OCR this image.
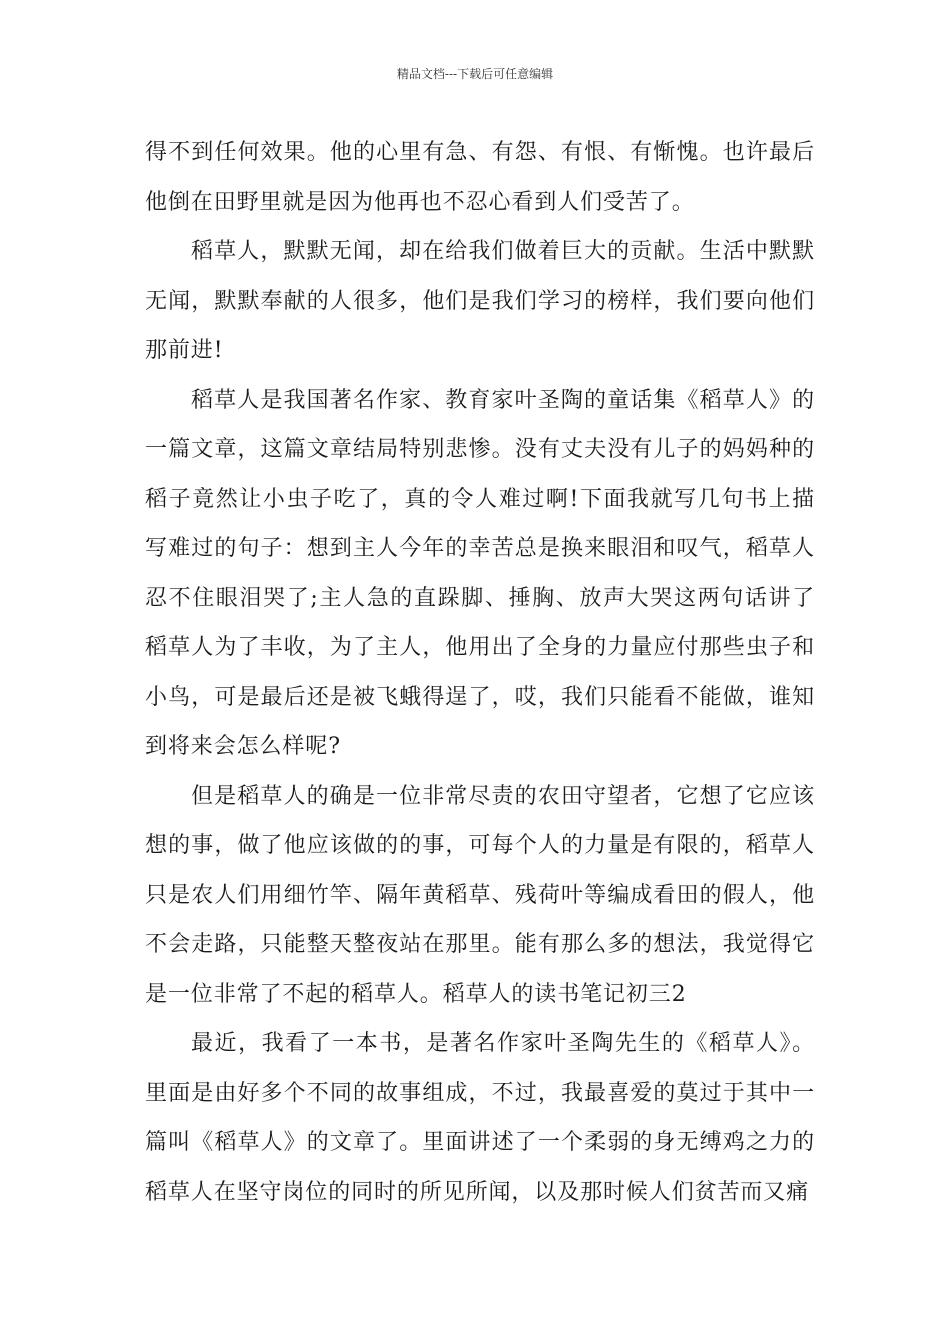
精品文档---下载后可任意编辑

得不到任何效果。他的心里有急、有怨、有恨、有惭愧。也许最后他倒在田野里就是因为他再也不忍心看到人们受苦了。

稻草人，默默无闻，却在给我们做着巨大的贡献。生活中默默无闻，默默奉献的人很多，他们是我们学习的榜样，我们要向他们那前进!

稻草人是我国著名作家、教育家叶圣陶的童话集《稻草人》的一篇文章，这篇文章结局特别悲惨。没有丈夫没有儿子的妈妈种的稻子竟然让小虫子吃了，真的令人难过啊!下面我就写几句书上描写难过的句子：想到主人今年的幸苦总是换来眼泪和叹气，稻草人忍不住眼泪哭了;主人急的直跺脚、捶胸、放声大哭这两句话讲了稻草人为了丰收，为了主人，他用出了全身的力量应付那些虫子和小鸟，可是最后还是被飞蛾得逞了，哎，我们只能看不能做，谁知到将来会怎么样呢?

但是稻草人的确是一位非常尽责的农田守望者，它想了它应该想的事，做了他应该做的的事，可每个人的力量是有限的，稻草人只是农人们用细竹竿、隔年黄稻草、残荷叶等编成看田的假人，他不会走路，只能整天整夜站在那里。能有那么多的想法，我觉得它是一位非常了不起的稻草人。稻草人的读书笔记初三2

最近，我看了一本书，是著名作家叶圣陶先生的《稻草人》。里面是由好多个不同的故事组成，不过，我最喜爱的莫过于其中一篇叫《稻草人》的文章了。里面讲述了一个柔弱的身无缚鸡之力的稻草人在坚守岗位的同时的所见所闻，以及那时候人们贫苦而又痛
